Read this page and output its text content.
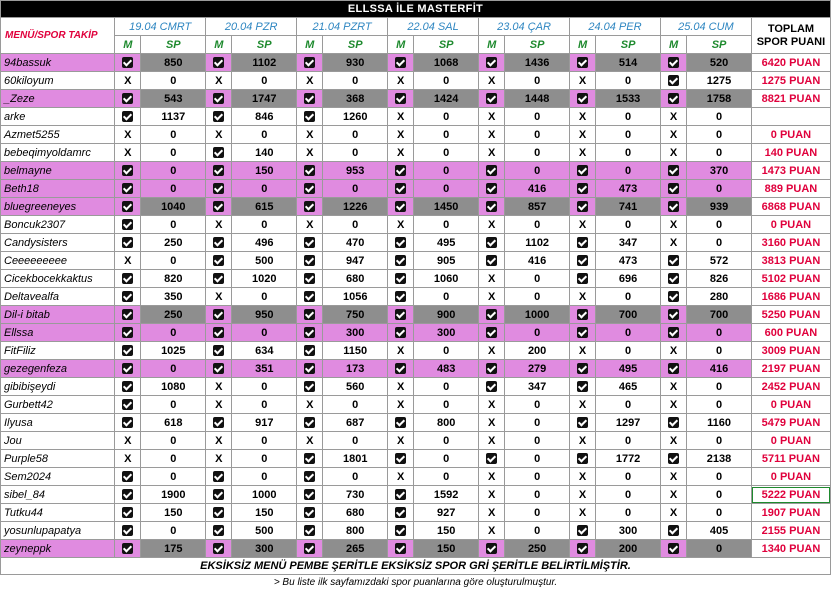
ELLSSA İLE MASTERFİT															
MENÜ/SPOR TAKİP	19.04 CMRT		20.04 PZR		21.04 PZRT		22.04 SAL		23.04 ÇAR		24.04 PER		25.04 CUM		TOPLAM
SPOR PUANI

	M	SP	M	SP	M	SP	M	SP	M	SP	M	SP	M	SP	
94bassuk		850		1102		930		1068		1436		514		520	6420 PUAN
60kiloyum	X	0	X	0	X	0	X	0	X	0	X	0		1275	1275 PUAN
_Zeze		543		1747		368		1424		1448		1533		1758	8821 PUAN
arke		1137		846		1260	X	0	X	0	X	0	X	0	
Azmet5255	X	0	X	0	X	0	X	0	X	0	X	0	X	0	0 PUAN
bebeqimyoldamrc	X	0		140	X	0	X	0	X	0	X	0	X	0	140 PUAN
belmayne		0		150		953		0		0		0		370	1473 PUAN
Beth18		0		0		0		0		416		473		0	889 PUAN
bluegreeneyes		1040		615		1226		1450		857		741		939	6868 PUAN
Boncuk2307		0	X	0	X	0	X	0	X	0	X	0	X	0	0 PUAN
Candysisters		250		496		470		495		1102		347	X	0	3160 PUAN
Ceeeeeeeee	X	0		500		947		905		416		473		572	3813 PUAN
Cicekbocekkaktus		820		1020		680		1060	X	0		696		826	5102 PUAN
Deltavealfa		350	X	0		1056		0	X	0	X	0		280	1686 PUAN
Dil-i bitab		250		950		750		900		1000		700		700	5250 PUAN
Ellssa		0		0		300		300		0		0		0	600 PUAN
FitFiliz		1025		634		1150	X	0	X	200	X	0	X	0	3009 PUAN
gezegenfeza		0		351		173		483		279		495		416	2197 PUAN
gibibişeydi		1080	X	0		560	X	0		347		465	X	0	2452 PUAN
Gurbett42		0	X	0	X	0	X	0	X	0	X	0	X	0	0 PUAN
Ilyusa		618		917		687		800	X	0		1297		1160	5479 PUAN
Jou	X	0	X	0	X	0	X	0	X	0	X	0	X	0	0 PUAN
Purple58	X	0	X	0		1801		0		0		1772		2138	5711 PUAN
Sem2024		0		0		0	X	0	X	0	X	0	X	0	0 PUAN
sibel_84		1900		1000		730		1592	X	0	X	0	X	0	5222 PUAN
Tutku44		150		150		680		927	X	0	X	0	X	0	1907 PUAN
yosunlupapatya		0		500		800		150	X	0		300		405	2155 PUAN
zeyneppk		175		300		265		150		250		200		0	1340 PUAN
EKSİKSİZ MENÜ PEMBE ŞERİTLE EKSİKSİZ SPOR GRİ ŞERİTLE BELİRTİLMİŞTİR.
> Bu liste ilk sayfamızdaki spor puanlarına göre oluşturulmuştur.
